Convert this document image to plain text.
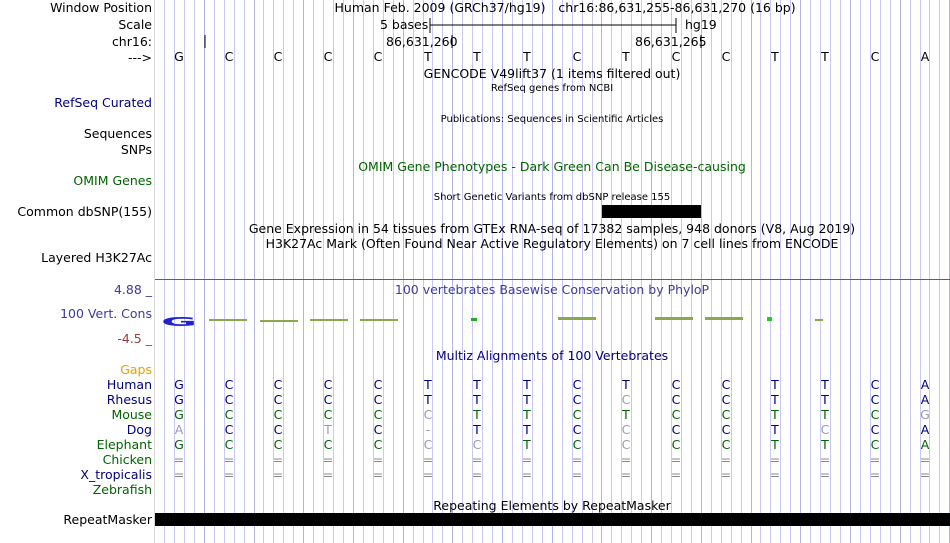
Window Position
Scale
chr16:
--->
RefSeq Curated
Sequences
SNPs
OMIM Genes
Common dbSNP(155)
Layered H3K27Ac
4.88 _
100 Vert. Cons
-4.5 _
Gaps
Human
Rhesus
Mouse
Dog
Elephant
Chicken
X_tropicalis
Zebrafish
RepeatMasker
Human Feb. 2009 (GRCh37/hg19) chr16:86,631,255-86,631,270 (16 bp)
5 bases	hg19
86,631,260	86,631,265
G	C	C	C	C	T	T	T	C	T	C	C	T	T	C	A
GENCODE V49lift37 (1 items filtered out)
RefSeq genes from NCBI
Publications: Sequences in Scientific Articles
OMIM Gene Phenotypes - Dark Green Can Be Disease-causing
Short Genetic Variants from dbSNP release 155
Gene Expression in 54 tissues from GTEx RNA-seq of 17382 samples, 948 donors (V8, Aug 2019)
H3K27Ac Mark (Often Found Near Active Regulatory Elements) on 7 cell lines from ENCODE
100 vertebrates Basewise Conservation by PhyloP
G
Multiz Alignments of 100 Vertebrates
G	C	C	C	C	T	T	T	C	T	C	C	T	T	C	A
G	C	C	C	C	T	T	T	C	C	C	C	T	T	C	A
G	C	C	C	C	C	T	T	C	T	C	C	T	T	C	G
A	C	C	T	C	-	T	T	C	C	C	C	T	C	C	A
G	C	C	C	C	C	C	T	C	C	C	C	T	T	C	A
=	=	=	=	=	=	=	=	=	=	=	=	=	=	=	=
=	=	=	=	=	=	=	=	=	=	=	=	=	=	=	=
Repeating Elements by RepeatMasker
